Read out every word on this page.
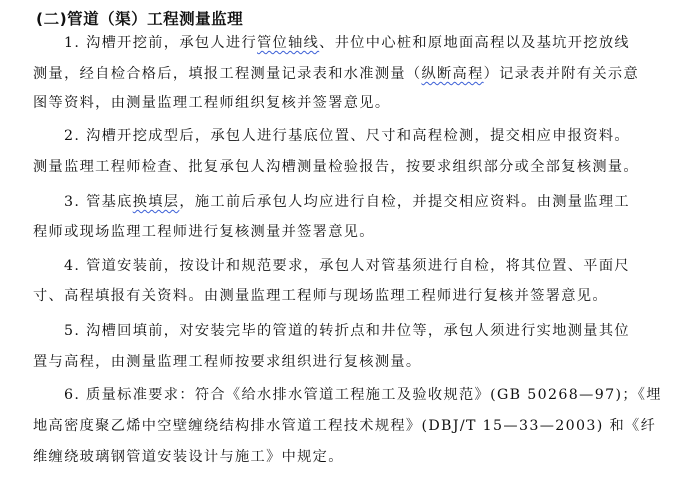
(二)管道（渠）工程测量监理
1. 沟槽开挖前，承包人进行管位轴线、井位中心桩和原地面高程以及基坑开挖放线
测量，经自检合格后，填报工程测量记录表和水准测量（纵断高程）记录表并附有关示意
图等资料，由测量监理工程师组织复核并签署意见。
2. 沟槽开挖成型后，承包人进行基底位置、尺寸和高程检测，提交相应申报资料。
测量监理工程师检查、批复承包人沟槽测量检验报告，按要求组织部分或全部复核测量。
3. 管基底换填层，施工前后承包人均应进行自检，并提交相应资料。由测量监理工
程师或现场监理工程师进行复核测量并签署意见。
4. 管道安装前，按设计和规范要求，承包人对管基须进行自检，将其位置、平面尺
寸、高程填报有关资料。由测量监理工程师与现场监理工程师进行复核并签署意见。
5. 沟槽回填前，对安装完毕的管道的转折点和井位等，承包人须进行实地测量其位
置与高程，由测量监理工程师按要求组织进行复核测量。
6. 质量标准要求：符合《给水排水管道工程施工及验收规范》(GB 50268—97)；《埋
地高密度聚乙烯中空壁缠绕结构排水管道工程技术规程》(DBJ/T 15—33—2003) 和《纤
维缠绕玻璃钢管道安装设计与施工》中规定。
